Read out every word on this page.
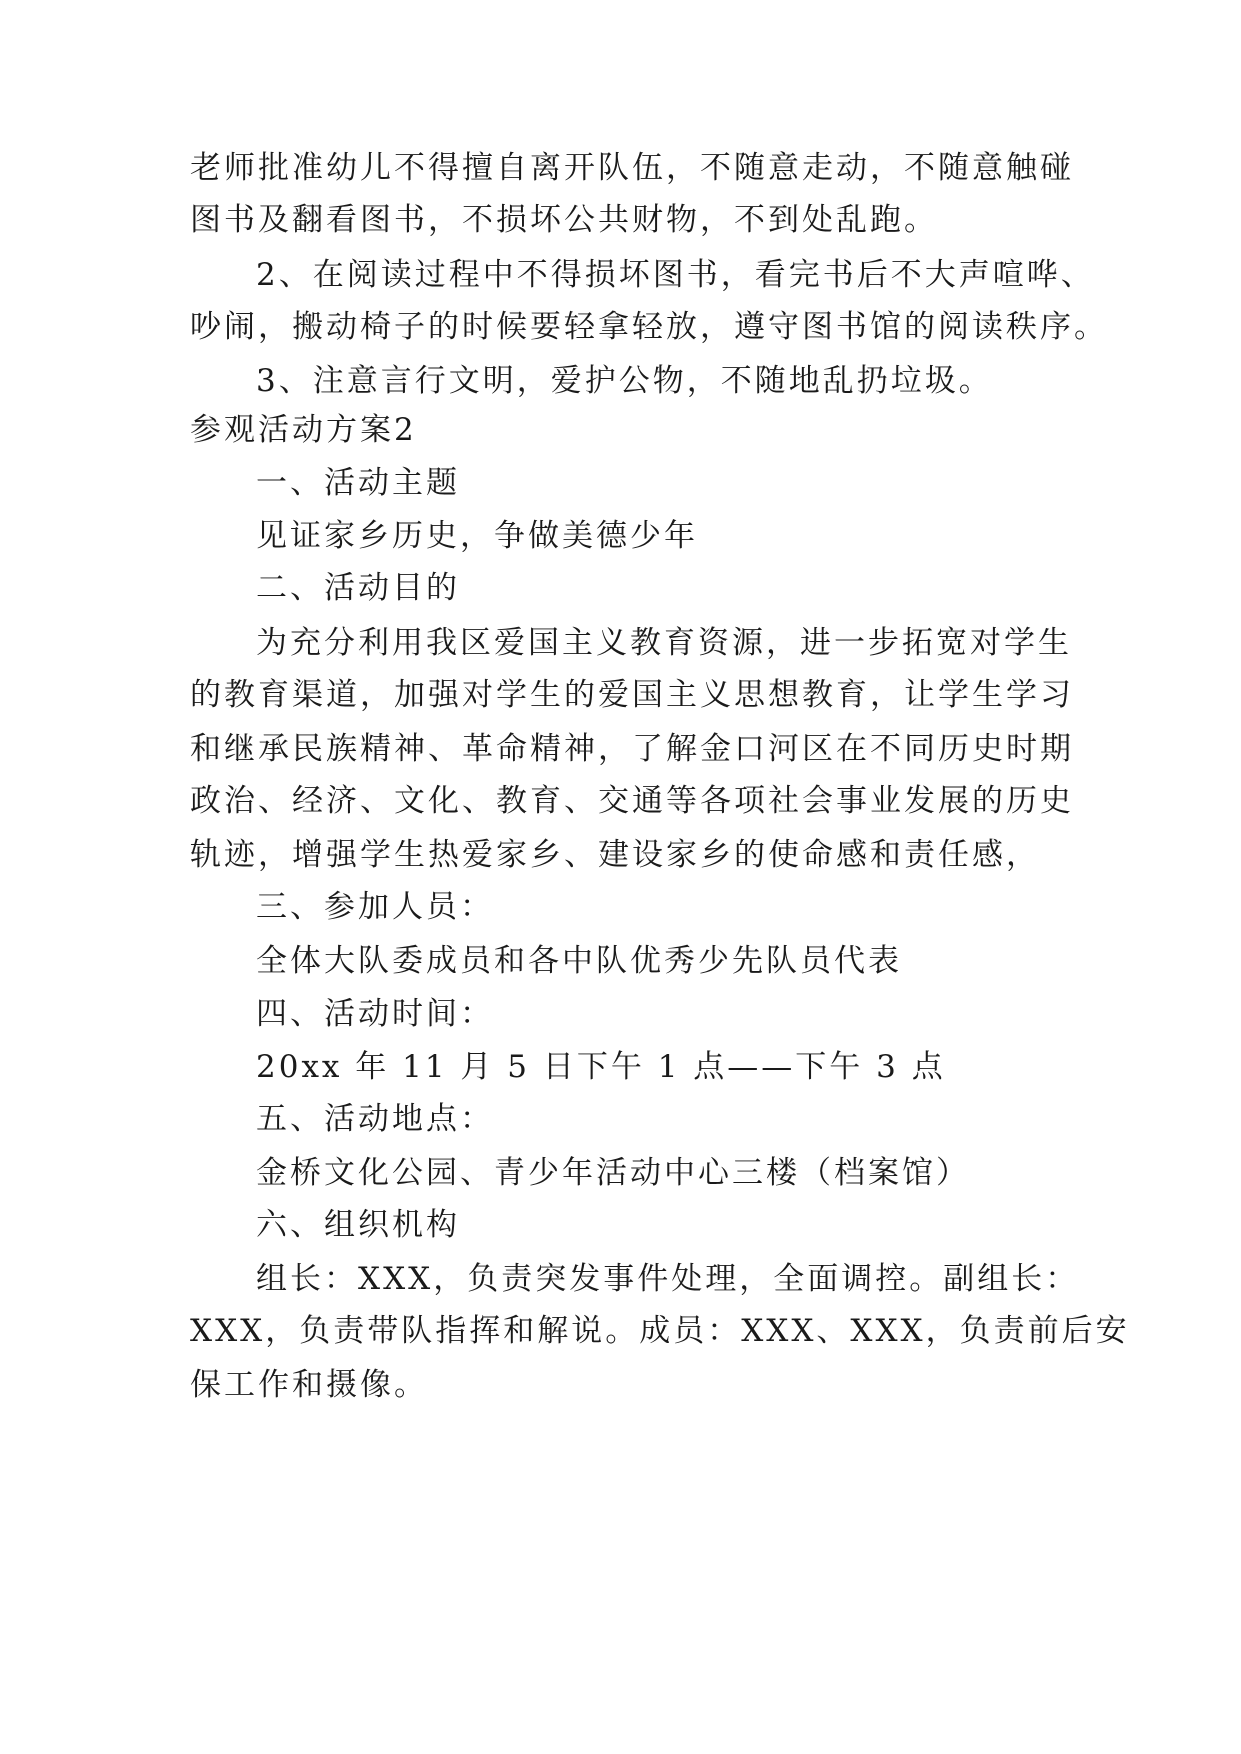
老师批准幼儿不得擅自离开队伍，不随意走动，不随意触碰
图书及翻看图书，不损坏公共财物，不到处乱跑。
2、在阅读过程中不得损坏图书，看完书后不大声喧哗、
吵闹，搬动椅子的时候要轻拿轻放，遵守图书馆的阅读秩序。
3、注意言行文明，爱护公物，不随地乱扔垃圾。
参观活动方案2
一、活动主题
见证家乡历史，争做美德少年
二、活动目的
为充分利用我区爱国主义教育资源，进一步拓宽对学生
的教育渠道，加强对学生的爱国主义思想教育，让学生学习
和继承民族精神、革命精神，了解金口河区在不同历史时期
政治、经济、文化、教育、交通等各项社会事业发展的历史
轨迹，增强学生热爱家乡、建设家乡的使命感和责任感，
三、参加人员：
全体大队委成员和各中队优秀少先队员代表
四、活动时间：
20xx 年 11 月 5 日下午 1 点——下午 3 点
五、活动地点：
金桥文化公园、青少年活动中心三楼（档案馆）
六、组织机构
组长：XXX，负责突发事件处理，全面调控。副组长：
XXX，负责带队指挥和解说。成员：XXX、XXX，负责前后安
保工作和摄像。
